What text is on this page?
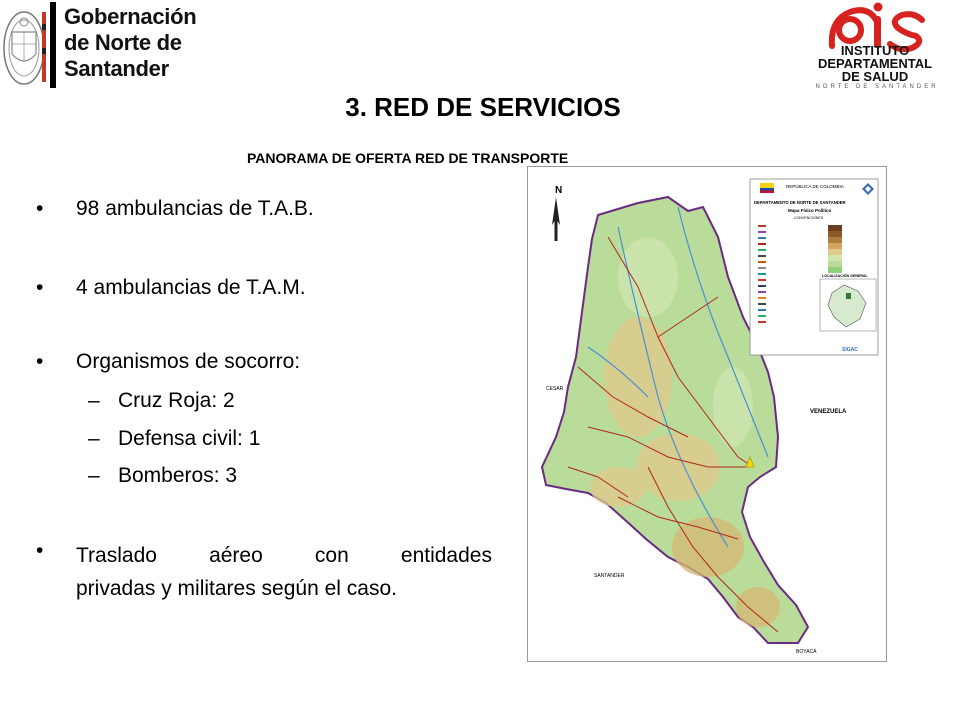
Gobernación
de Norte de
Santander
INSTITUTO
DEPARTAMENTAL
DE SALUD
NORTE DE SANTANDER
3. RED DE SERVICIOS
PANORAMA DE OFERTA RED DE TRANSPORTE
• 98 ambulancias de T.A.B.
• 4 ambulancias de T.A.M.
• Organismos de socorro:
– Cruz Roja: 2
– Defensa civil: 1
– Bomberos: 3
• Traslado aéreo con entidades
privadas y militares según el caso.
N
CESAR
VENEZUELA
SANTANDER
BOYACÁ
REPÚBLICA DE COLOMBIA
DEPARTAMENTO DE NORTE DE SANTANDER
Mapa Físico Político
CONVENCIONES
LOCALIZACIÓN GENERAL
SIGAC
